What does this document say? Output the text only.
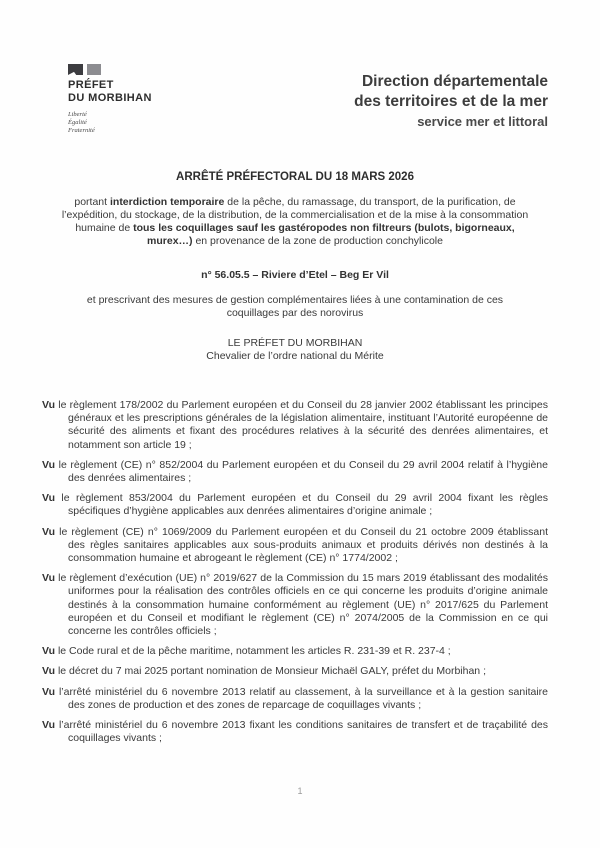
PRÉFET
DU MORBIHAN
Liberté
Égalité
Fraternité
Direction départementale
des territoires et de la mer
service mer et littoral
ARRÊTÉ PRÉFECTORAL DU 18 MARS 2026

portant interdiction temporaire de la pêche, du ramassage, du transport, de la purification, de l’expédition, du stockage, de la distribution, de la commercialisation et de la mise à la consommation humaine de tous les coquillages sauf les gastéropodes non filtreurs (bulots, bigorneaux, murex…) en provenance de la zone de production conchylicole

n° 56.05.5 – Riviere d’Etel – Beg Er Vil

et prescrivant des mesures de gestion complémentaires liées à une contamination de ces coquillages par des norovirus

LE PRÉFET DU MORBIHAN
Chevalier de l’ordre national du Mérite
Vu le règlement 178/2002 du Parlement européen et du Conseil du 28 janvier 2002 établissant les principes généraux et les prescriptions générales de la législation alimentaire, instituant l’Autorité européenne de sécurité des aliments et fixant des procédures relatives à la sécurité des denrées alimentaires, et notamment son article 19 ;
Vu le règlement (CE) n° 852/2004 du Parlement européen et du Conseil du 29 avril 2004 relatif à l’hygiène des denrées alimentaires ;
Vu le règlement 853/2004 du Parlement européen et du Conseil du 29 avril 2004 fixant les règles spécifiques d’hygiène applicables aux denrées alimentaires d’origine animale ;
Vu le règlement (CE) n° 1069/2009 du Parlement européen et du Conseil du 21 octobre 2009 établissant des règles sanitaires applicables aux sous-produits animaux et produits dérivés non destinés à la consommation humaine et abrogeant le règlement (CE) n° 1774/2002 ;
Vu le règlement d’exécution (UE) n° 2019/627 de la Commission du 15 mars 2019 établissant des modalités uniformes pour la réalisation des contrôles officiels en ce qui concerne les produits d’origine animale destinés à la consommation humaine conformément au règlement (UE) n° 2017/625 du Parlement européen et du Conseil et modifiant le règlement (CE) n° 2074/2005 de la Commission en ce qui concerne les contrôles officiels ;
Vu le Code rural et de la pêche maritime, notamment les articles R. 231-39 et R. 237-4 ;
Vu le décret du 7 mai 2025 portant nomination de Monsieur Michaël GALY, préfet du Morbihan ;
Vu l’arrêté ministériel du 6 novembre 2013 relatif au classement, à la surveillance et à la gestion sanitaire des zones de production et des zones de reparcage de coquillages vivants ;
Vu l’arrêté ministériel du 6 novembre 2013 fixant les conditions sanitaires de transfert et de traçabilité des coquillages vivants ;
1
